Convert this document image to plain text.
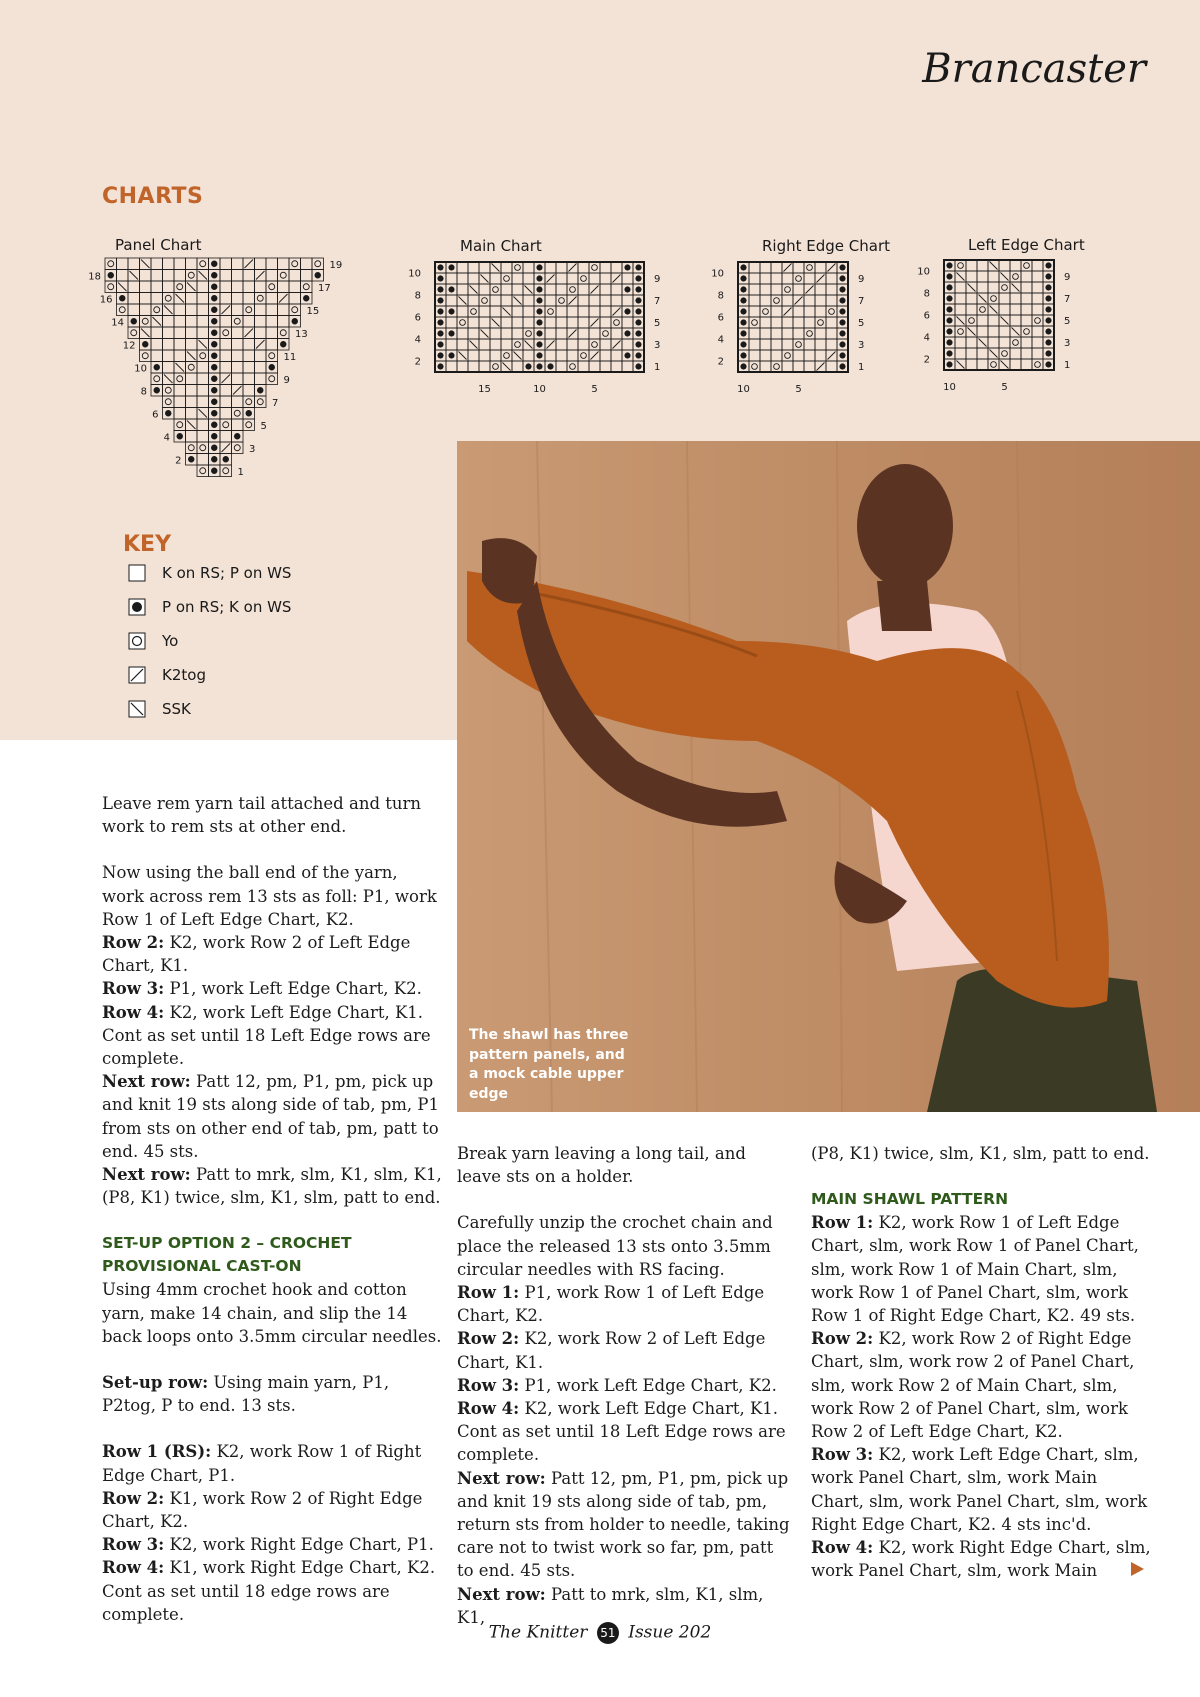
Brancaster
CHARTS
Panel Chart
19
17
15
13
11
9
7
5
3
1
18
16
14
12
10
8
6
4
2
Main Chart
10
8
6
4
2
9
7
5
3
1
15	10	5
Right Edge Chart
10
8
6
4
2
9
7
5
3
1
10	5
Left Edge Chart
10
8
6
4
2
9
7
5
3
1
10	5
KEY
K on RS; P on WS
P on RS; K on WS
Yo
K2tog
SSK
The shawl has three pattern panels, and a mock cable upper edge

Leave rem yarn tail attached and turn work to rem sts at other end.

Now using the ball end of the yarn, work across rem 13 sts as foll: P1, work Row 1 of Left Edge Chart, K2.

Row 2: K2, work Row 2 of Left Edge Chart, K1.

Row 3: P1, work Left Edge Chart, K2.

Row 4: K2, work Left Edge Chart, K1.

Cont as set until 18 Left Edge rows are complete.

Next row: Patt 12, pm, P1, pm, pick up and knit 19 sts along side of tab, pm, P1 from sts on other end of tab, pm, patt to end. 45 sts.

Next row: Patt to mrk, slm, K1, slm, K1, (P8, K1) twice, slm, K1, slm, patt to end.

SET-UP OPTION 2 – CROCHET PROVISIONAL CAST-ON

Using 4mm crochet hook and cotton yarn, make 14 chain, and slip the 14 back loops onto 3.5mm circular needles.

Set-up row: Using main yarn, P1, P2tog, P to end. 13 sts.

Row 1 (RS): K2, work Row 1 of Right Edge Chart, P1.

Row 2: K1, work Row 2 of Right Edge Chart, K2.

Row 3: K2, work Right Edge Chart, P1.

Row 4: K1, work Right Edge Chart, K2.

Cont as set until 18 edge rows are complete.

Break yarn leaving a long tail, and leave sts on a holder.

Carefully unzip the crochet chain and place the released 13 sts onto 3.5mm circular needles with RS facing.

Row 1: P1, work Row 1 of Left Edge Chart, K2.

Row 2: K2, work Row 2 of Left Edge Chart, K1.

Row 3: P1, work Left Edge Chart, K2.

Row 4: K2, work Left Edge Chart, K1.

Cont as set until 18 Left Edge rows are complete.

Next row: Patt 12, pm, P1, pm, pick up and knit 19 sts along side of tab, pm, return sts from holder to needle, taking care not to twist work so far, pm, patt to end. 45 sts.

Next row: Patt to mrk, slm, K1, slm, K1,

(P8, K1) twice, slm, K1, slm, patt to end.

MAIN SHAWL PATTERN

Row 1: K2, work Row 1 of Left Edge Chart, slm, work Row 1 of Panel Chart, slm, work Row 1 of Main Chart, slm, work Row 1 of Panel Chart, slm, work Row 1 of Right Edge Chart, K2. 49 sts.

Row 2: K2, work Row 2 of Right Edge Chart, slm, work row 2 of Panel Chart, slm, work Row 2 of Main Chart, slm, work Row 2 of Panel Chart, slm, work Row 2 of Left Edge Chart, K2.

Row 3: K2, work Left Edge Chart, slm, work Panel Chart, slm, work Main Chart, slm, work Panel Chart, slm, work Right Edge Chart, K2. 4 sts inc'd.

Row 4: K2, work Right Edge Chart, slm, work Panel Chart, slm, work Main

The Knitter 51 Issue 202
